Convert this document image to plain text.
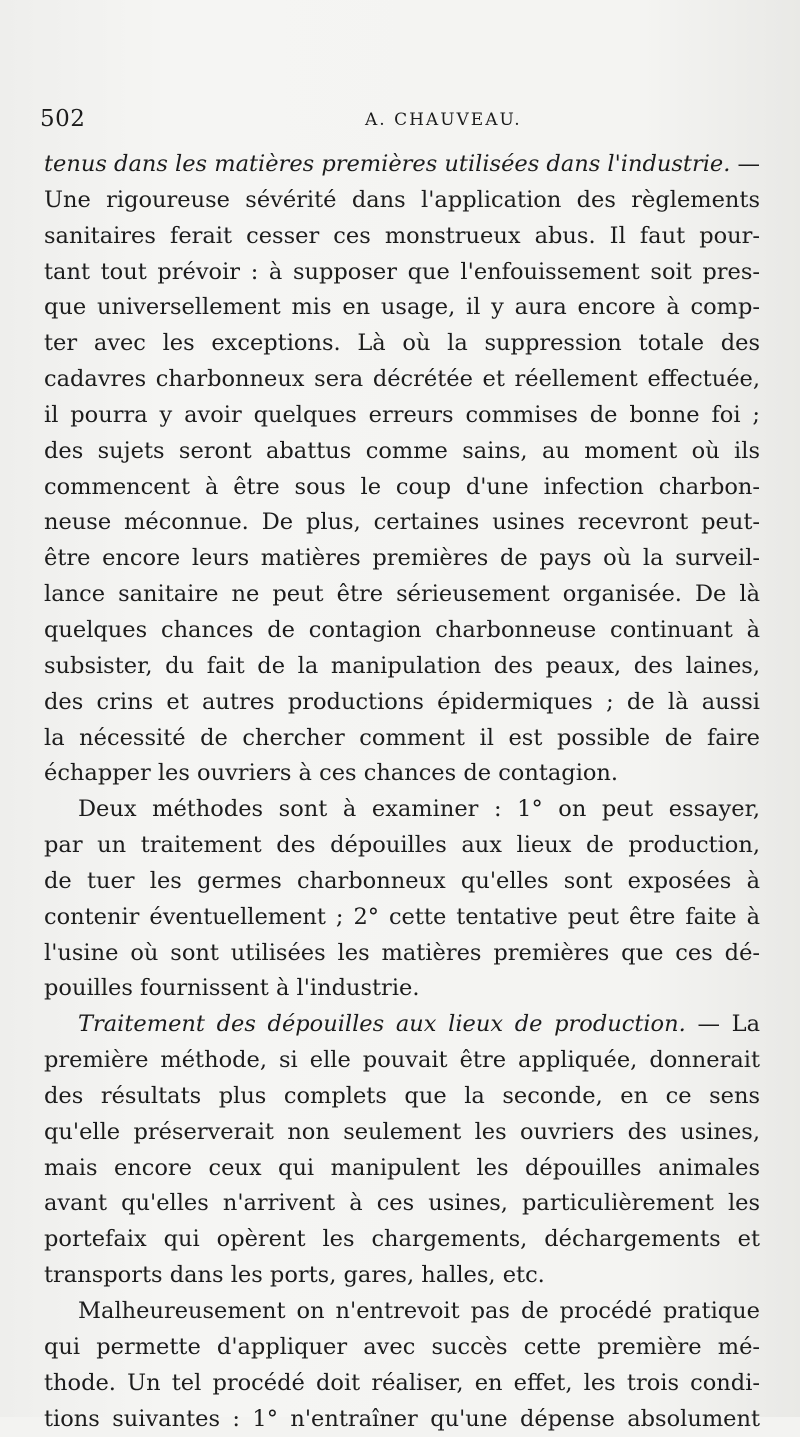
502	A. CHAUVEAU.
tenus dans les matières premières utilisées dans l'industrie. —
Une rigoureuse sévérité dans l'application des règlements
sanitaires ferait cesser ces monstrueux abus. Il faut pour-
tant tout prévoir : à supposer que l'enfouissement soit pres-
que universellement mis en usage, il y aura encore à comp-
ter avec les exceptions. Là où la suppression totale des
cadavres charbonneux sera décrétée et réellement effectuée,
il pourra y avoir quelques erreurs commises de bonne foi ;
des sujets seront abattus comme sains, au moment où ils
commencent à être sous le coup d'une infection charbon-
neuse méconnue. De plus, certaines usines recevront peut-
être encore leurs matières premières de pays où la surveil-
lance sanitaire ne peut être sérieusement organisée. De là
quelques chances de contagion charbonneuse continuant à
subsister, du fait de la manipulation des peaux, des laines,
des crins et autres productions épidermiques ; de là aussi
la nécessité de chercher comment il est possible de faire
échapper les ouvriers à ces chances de contagion.
Deux méthodes sont à examiner : 1° on peut essayer,
par un traitement des dépouilles aux lieux de production,
de tuer les germes charbonneux qu'elles sont exposées à
contenir éventuellement ; 2° cette tentative peut être faite à
l'usine où sont utilisées les matières premières que ces dé-
pouilles fournissent à l'industrie.
Traitement des dépouilles aux lieux de production. — La
première méthode, si elle pouvait être appliquée, donnerait
des résultats plus complets que la seconde, en ce sens
qu'elle préserverait non seulement les ouvriers des usines,
mais encore ceux qui manipulent les dépouilles animales
avant qu'elles n'arrivent à ces usines, particulièrement les
portefaix qui opèrent les chargements, déchargements et
transports dans les ports, gares, halles, etc.
Malheureusement on n'entrevoit pas de procédé pratique
qui permette d'appliquer avec succès cette première mé-
thode. Un tel procédé doit réaliser, en effet, les trois condi-
tions suivantes : 1° n'entraîner qu'une dépense absolument
